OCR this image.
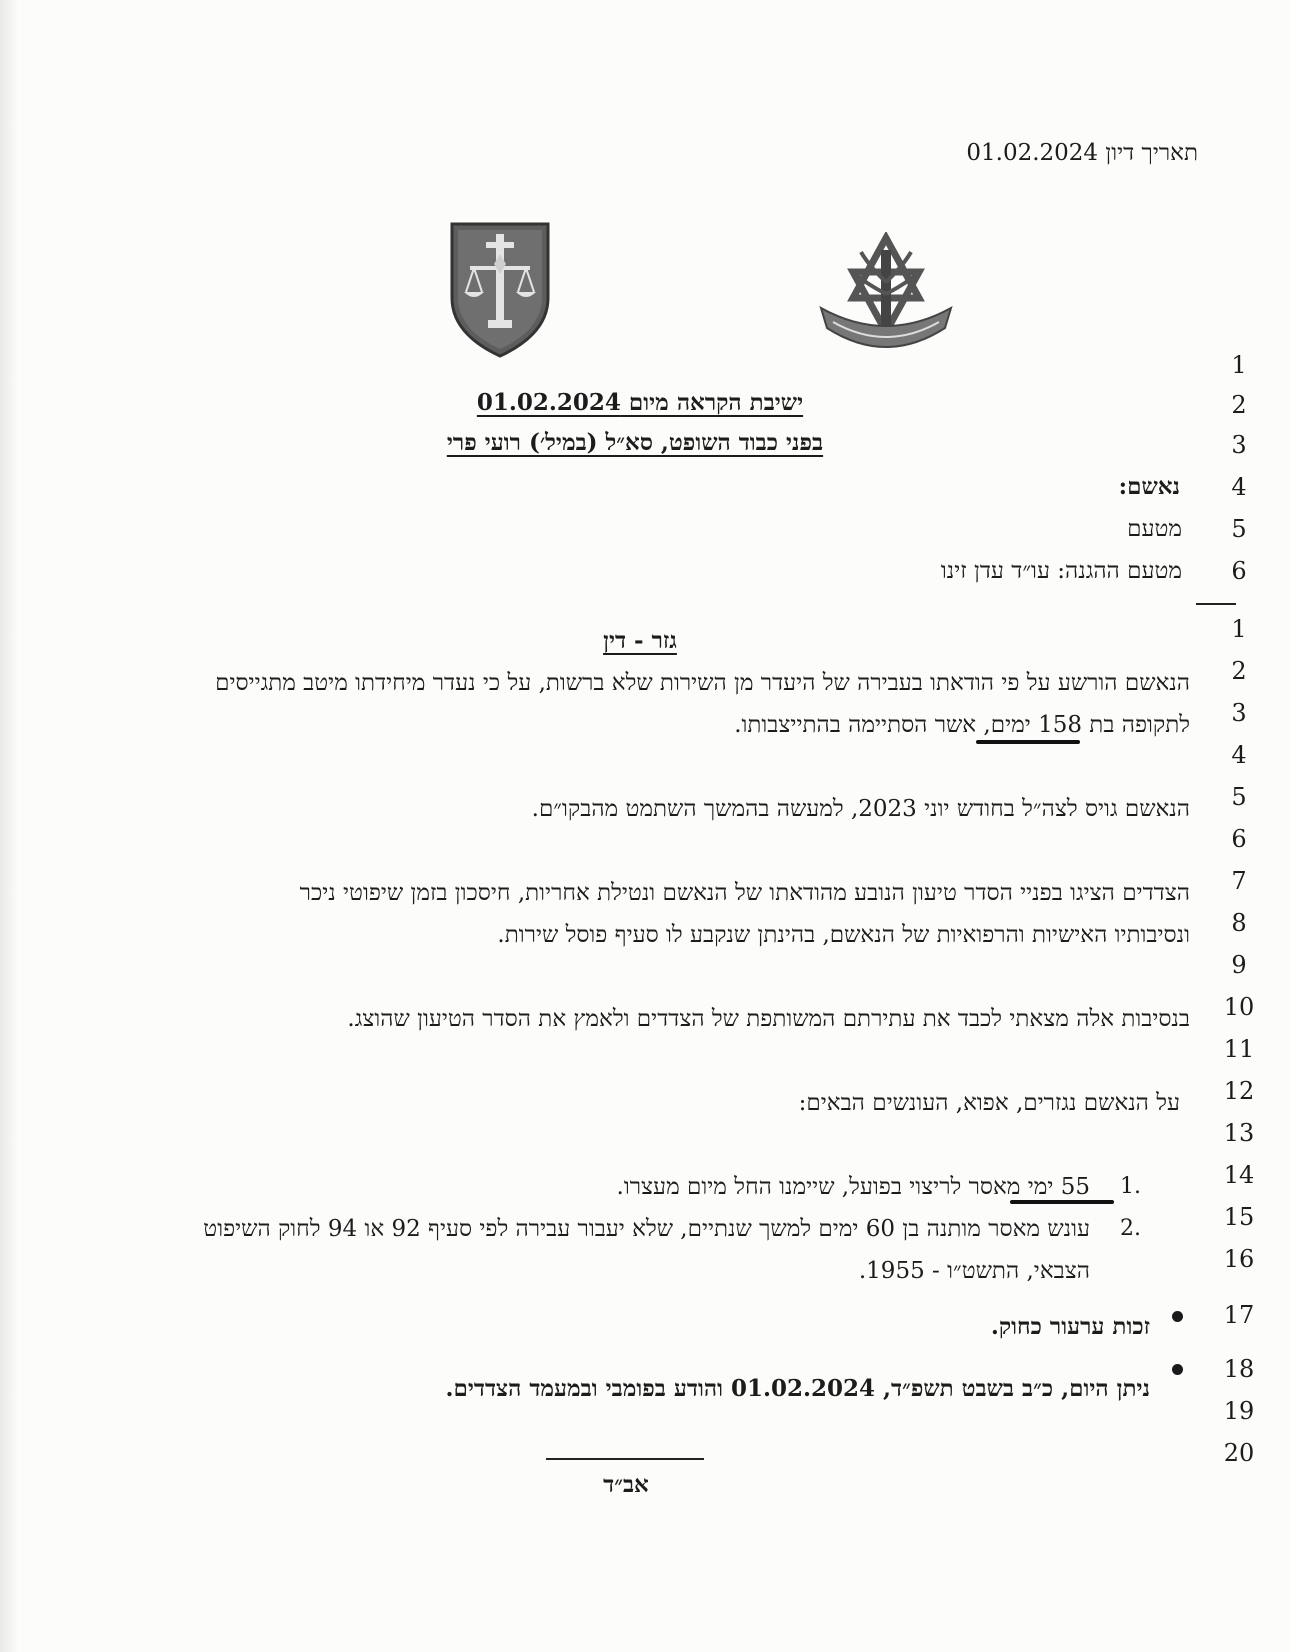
תאריך דיון 01.02.2024
1
2
3
4
5
6
ישיבת הקראה מיום 01.02.2024
בפני כבוד השופט, סא״ל (במיל׳) רועי פרי
נאשם:
מטעם
מטעם ההגנה: עו״ד עדן זינו
1
2
3
4
5
6
7
8
9
10
11
12
13
14
15
16
17
18
19
20
גזר - דין
הנאשם הורשע על פי הודאתו בעבירה של היעדר מן השירות שלא ברשות, על כי נעדר מיחידתו מיטב מתגייסים
לתקופה בת 158 ימים, אשר הסתיימה בהתייצבותו.
הנאשם גויס לצה״ל בחודש יוני 2023, למעשה בהמשך השתמט מהבקו״ם.
הצדדים הציגו בפניי הסדר טיעון הנובע מהודאתו של הנאשם ונטילת אחריות, חיסכון בזמן שיפוטי ניכר
ונסיבותיו האישיות והרפואיות של הנאשם, בהינתן שנקבע לו סעיף פוסל שירות.
בנסיבות אלה מצאתי לכבד את עתירתם המשותפת של הצדדים ולאמץ את הסדר הטיעון שהוצג.
על הנאשם נגזרים, אפוא, העונשים הבאים:
1.
55 ימי מאסר לריצוי בפועל, שיימנו החל מיום מעצרו.
2.
עונש מאסר מותנה בן 60 ימים למשך שנתיים, שלא יעבור עבירה לפי סעיף 92 או 94 לחוק השיפוט
הצבאי, התשט״ו - 1955.
זכות ערעור כחוק.
ניתן היום, כ״ב בשבט תשפ״ד, 01.02.2024 והודע בפומבי ובמעמד הצדדים.
אב״ד
